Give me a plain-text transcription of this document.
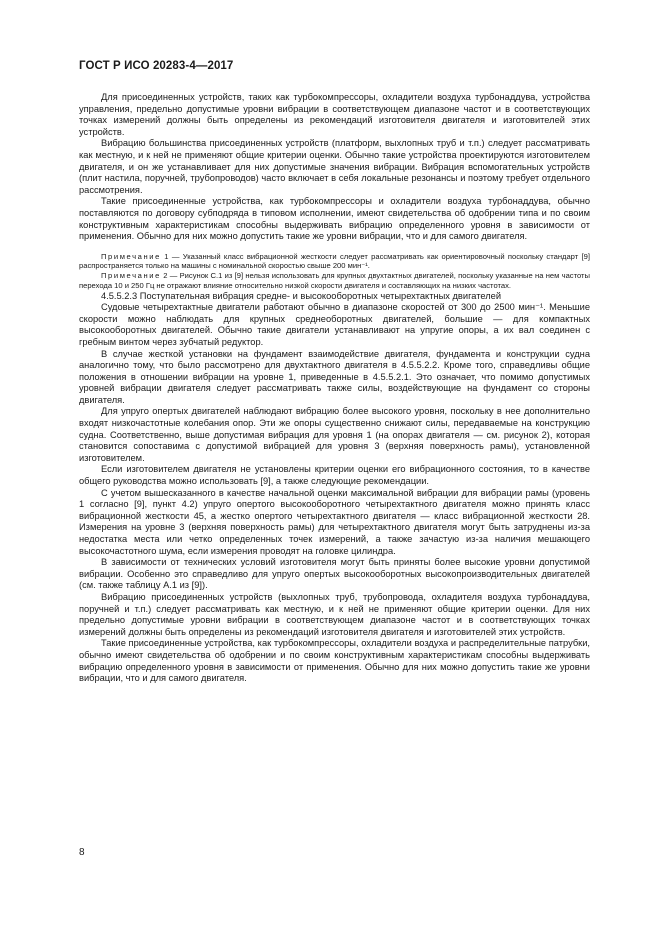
ГОСТ Р ИСО 20283-4—2017

Для присоединенных устройств, таких как турбокомпрессоры, охладители воздуха турбонаддува, устройства управления, предельно допустимые уровни вибрации в соответствующем диапазоне частот и в соответствующих точках измерений должны быть определены из рекомендаций изготовителя двигателя и изготовителей этих устройств.

Вибрацию большинства присоединенных устройств (платформ, выхлопных труб и т.п.) следует рассматривать как местную, и к ней не применяют общие критерии оценки. Обычно такие устройства проектируются изготовителем двигателя, и он же устанавливает для них допустимые значения вибрации. Вибрация вспомогательных устройств (плит настила, поручней, трубопроводов) часто включает в себя локальные резонансы и поэтому требует отдельного рассмотрения.

Такие присоединенные устройства, как турбокомпрессоры и охладители воздуха турбонаддува, обычно поставляются по договору субподряда в типовом исполнении, имеют свидетельства об одобрении типа и по своим конструктивным характеристикам способны выдерживать вибрацию определенного уровня в зависимости от применения. Обычно для них можно допустить такие же уровни вибрации, что и для самого двигателя.

Примечание 1 — Указанный класс вибрационной жесткости следует рассматривать как ориентировочный поскольку стандарт [9] распространяется только на машины с номинальной скоростью свыше 200 мин⁻¹.

Примечание 2 — Рисунок С.1 из [9] нельзя использовать для крупных двухтактных двигателей, поскольку указанные на нем частоты перехода 10 и 250 Гц не отражают влияние относительно низкой скорости двигателя и составляющих на низких частотах.

4.5.5.2.3 Поступательная вибрация средне- и высокооборотных четырехтактных двигателей

Судовые четырехтактные двигатели работают обычно в диапазоне скоростей от 300 до 2500 мин⁻¹. Меньшие скорости можно наблюдать для крупных среднеоборотных двигателей, большие — для компактных высокооборотных двигателей. Обычно такие двигатели устанавливают на упругие опоры, а их вал соединен с гребным винтом через зубчатый редуктор.

В случае жесткой установки на фундамент взаимодействие двигателя, фундамента и конструкции судна аналогично тому, что было рассмотрено для двухтактного двигателя в 4.5.5.2.2. Кроме того, справедливы общие положения в отношении вибрации на уровне 1, приведенные в 4.5.5.2.1. Это означает, что помимо допустимых уровней вибрации двигателя следует рассматривать также силы, воздействующие на фундамент со стороны двигателя.

Для упруго опертых двигателей наблюдают вибрацию более высокого уровня, поскольку в нее дополнительно входят низкочастотные колебания опор. Эти же опоры существенно снижают силы, передаваемые на конструкцию судна. Соответственно, выше допустимая вибрация для уровня 1 (на опорах двигателя — см. рисунок 2), которая становится сопоставима с допустимой вибрацией для уровня 3 (верхняя поверхность рамы), установленной изготовителем.

Если изготовителем двигателя не установлены критерии оценки его вибрационного состояния, то в качестве общего руководства можно использовать [9], а также следующие рекомендации.

С учетом вышесказанного в качестве начальной оценки максимальной вибрации для вибрации рамы (уровень 1 согласно [9], пункт 4.2) упруго опертого высокооборотного четырехтактного двигателя можно принять класс вибрационной жесткости 45, а жестко опертого четырехтактного двигателя — класс вибрационной жесткости 28. Измерения на уровне 3 (верхняя поверхность рамы) для четырехтактного двигателя могут быть затруднены из-за недостатка места или четко определенных точек измерений, а также зачастую из-за наличия мешающего высокочастотного шума, если измерения проводят на головке цилиндра.

В зависимости от технических условий изготовителя могут быть приняты более высокие уровни допустимой вибрации. Особенно это справедливо для упруго опертых высокооборотных высокопроизводительных двигателей (см. также таблицу А.1 из [9]).

Вибрацию присоединенных устройств (выхлопных труб, трубопровода, охладителя воздуха турбонаддува, поручней и т.п.) следует рассматривать как местную, и к ней не применяют общие критерии оценки. Для них предельно допустимые уровни вибрации в соответствующем диапазоне частот и в соответствующих точках измерений должны быть определены из рекомендаций изготовителя двигателя и изготовителей этих устройств.

Такие присоединенные устройства, как турбокомпрессоры, охладители воздуха и распределительные патрубки, обычно имеют свидетельства об одобрении и по своим конструктивным характеристикам способны выдерживать вибрацию определенного уровня в зависимости от применения. Обычно для них можно допустить такие же уровни вибрации, что и для самого двигателя.

8
